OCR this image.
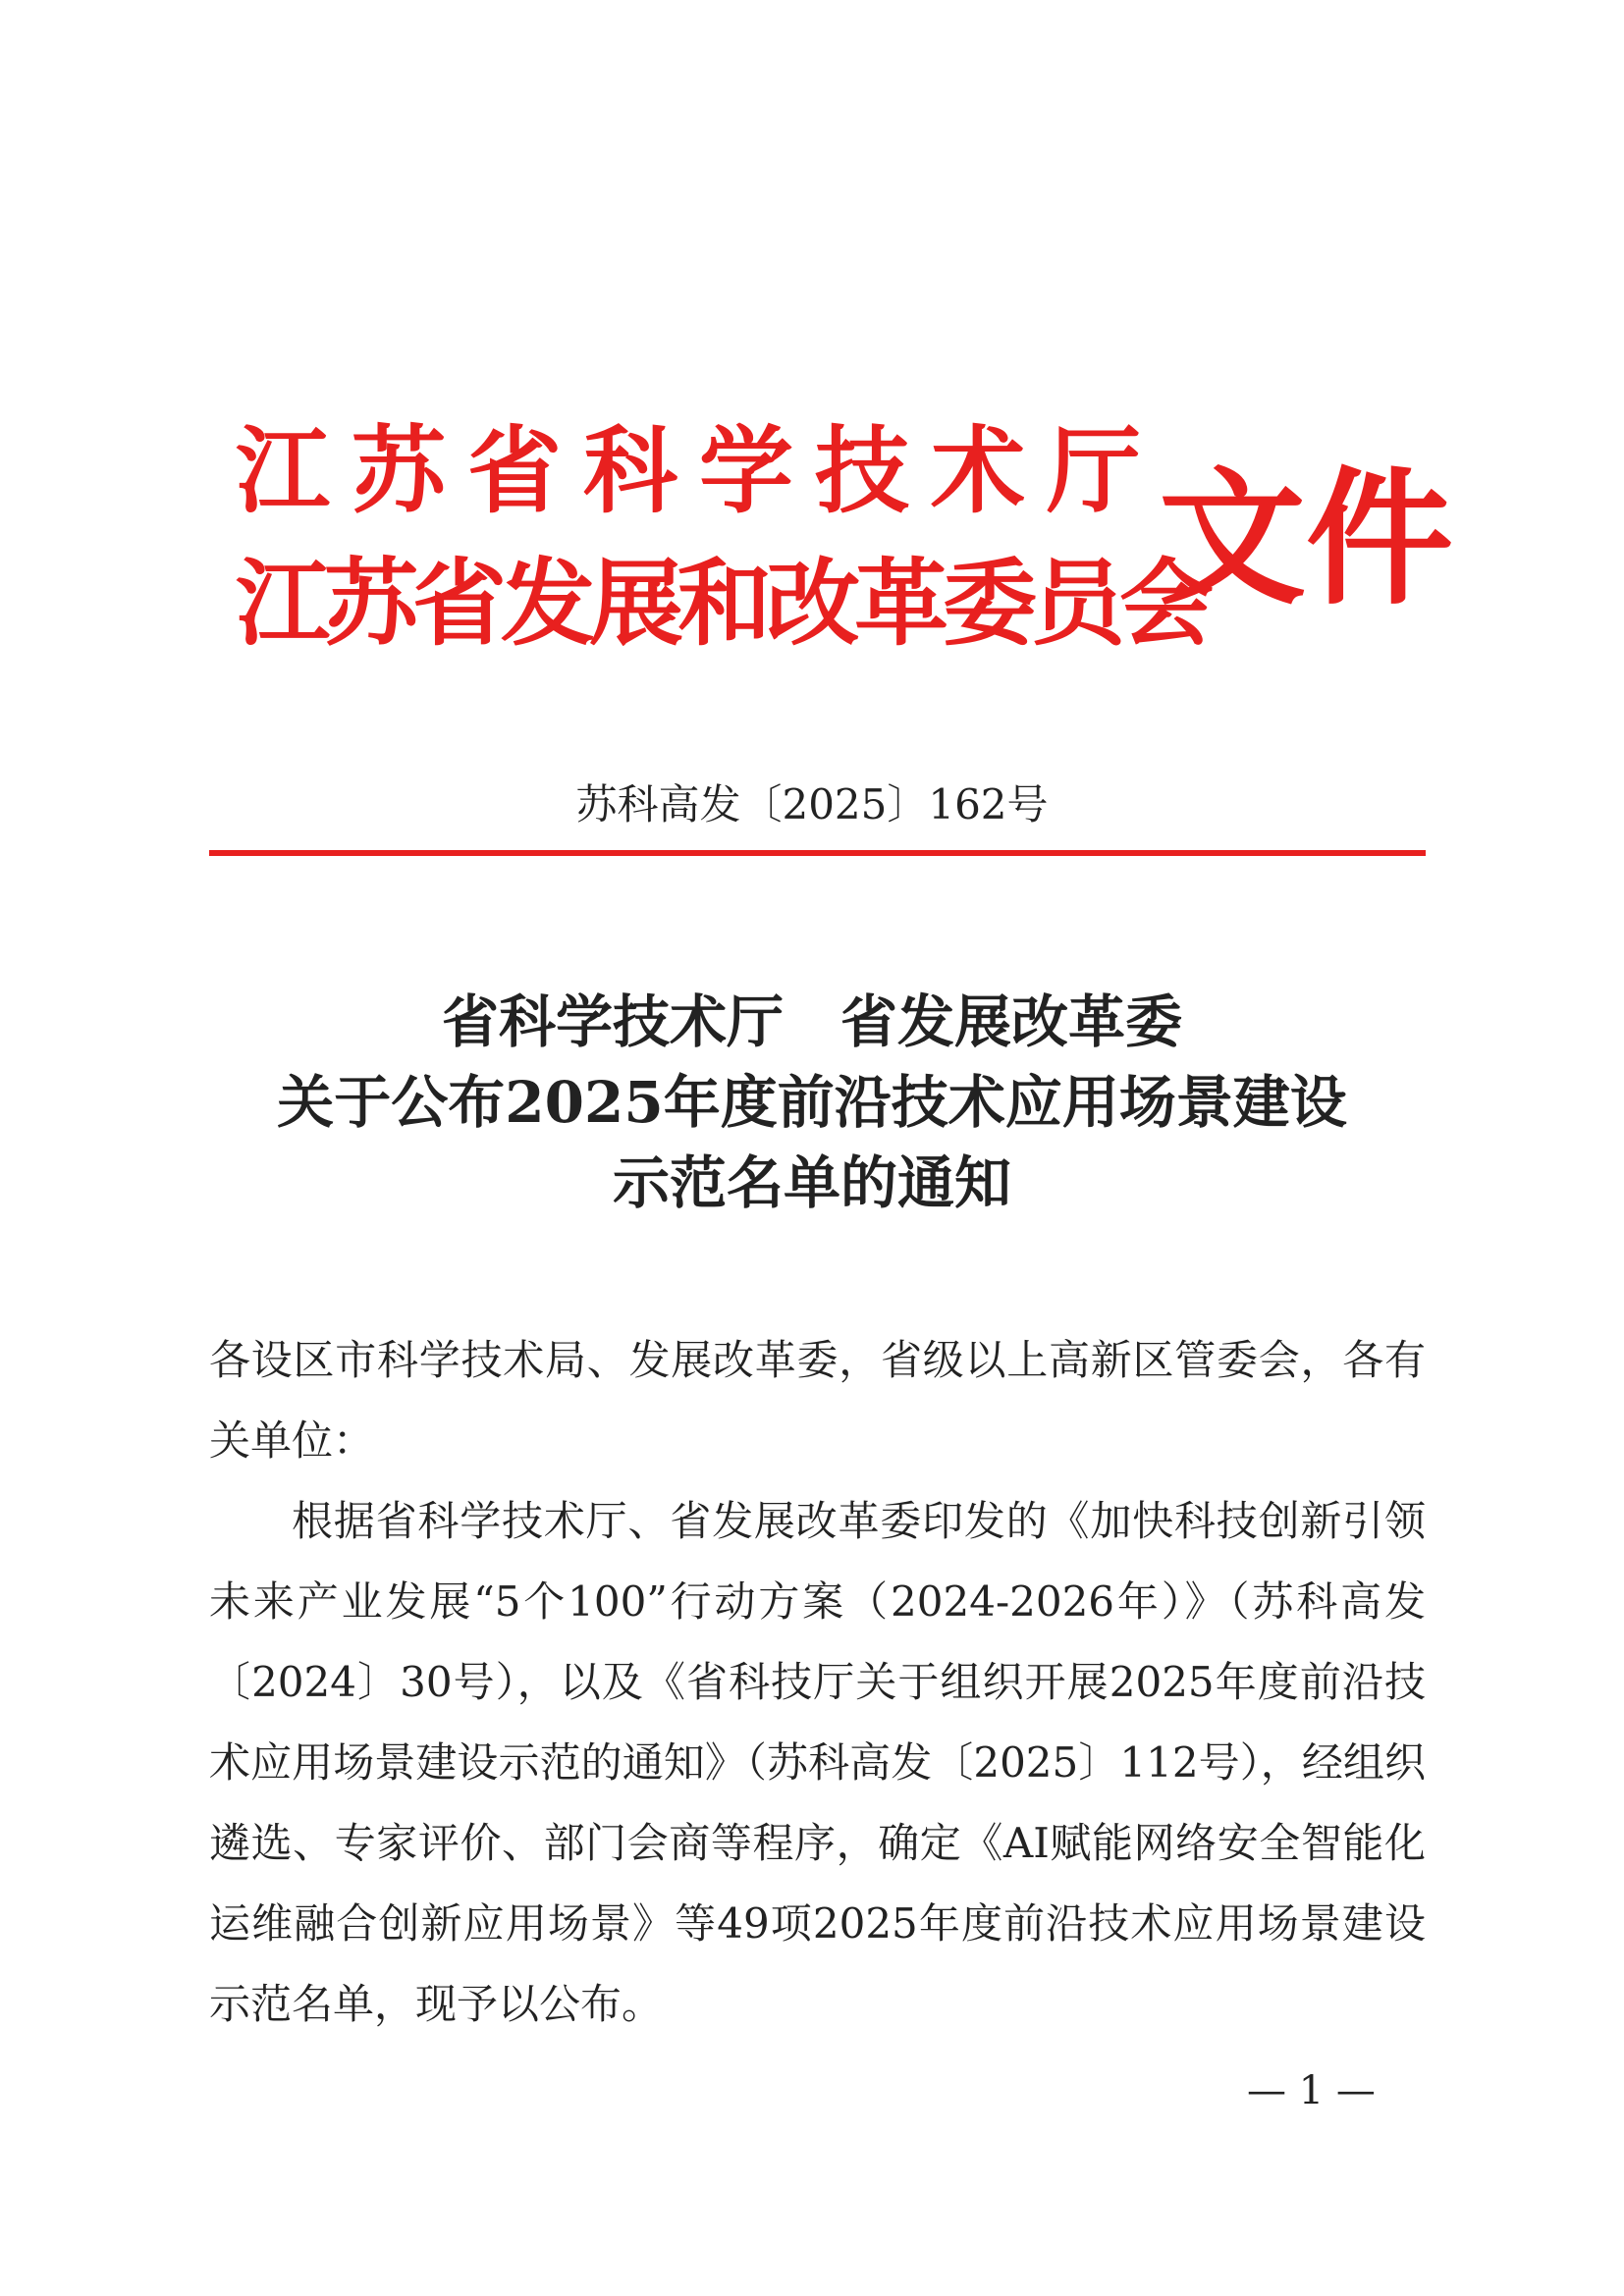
江苏省科学技术厅
江苏省发展和改革委员会
文件
苏科高发〔2025〕162号
省科学技术厅　省发展改革委
关于公布2025年度前沿技术应用场景建设
示范名单的通知

各设区市科学技术局、发展改革委，省级以上高新区管委会，各有关单位：

根据省科学技术厅、省发展改革委印发的《加快科技创新引领未来产业发展“5个100”行动方案（2024-2026年）》（苏科高发〔2024〕30号），以及《省科技厅关于组织开展2025年度前沿技术应用场景建设示范的通知》（苏科高发〔2025〕112号），经组织遴选、专家评价、部门会商等程序，确定《AI赋能网络安全智能化运维融合创新应用场景》等49项2025年度前沿技术应用场景建设示范名单，现予以公布。

— 1 —
